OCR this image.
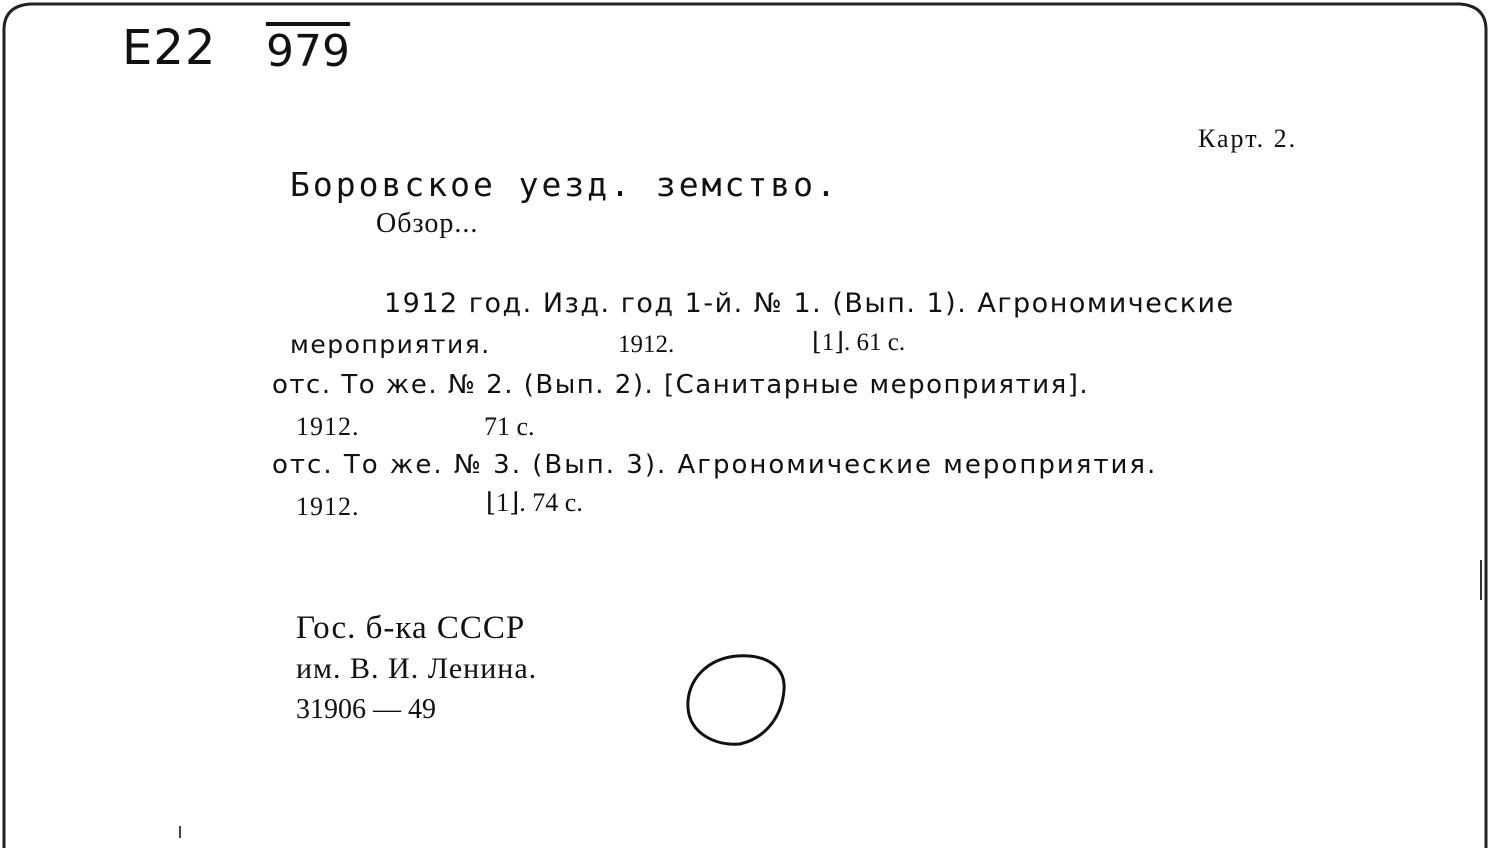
E22 979
Карт. 2.
Боровское уезд. земство.
Обзор...
1912 год. Изд. год 1-й. № 1. (Вып. 1). Агрономические
мероприятия.	1912.	⌊1⌋. 61 с.
отс. То же. № 2. (Вып. 2). [Санитарные мероприятия].
1912.	71 с.
отс. То же. № 3. (Вып. 3). Агрономические мероприятия.
1912.	⌊1⌋. 74 с.
Гос. б-ка СССР
им. В. И. Ленина.
31906 — 49
